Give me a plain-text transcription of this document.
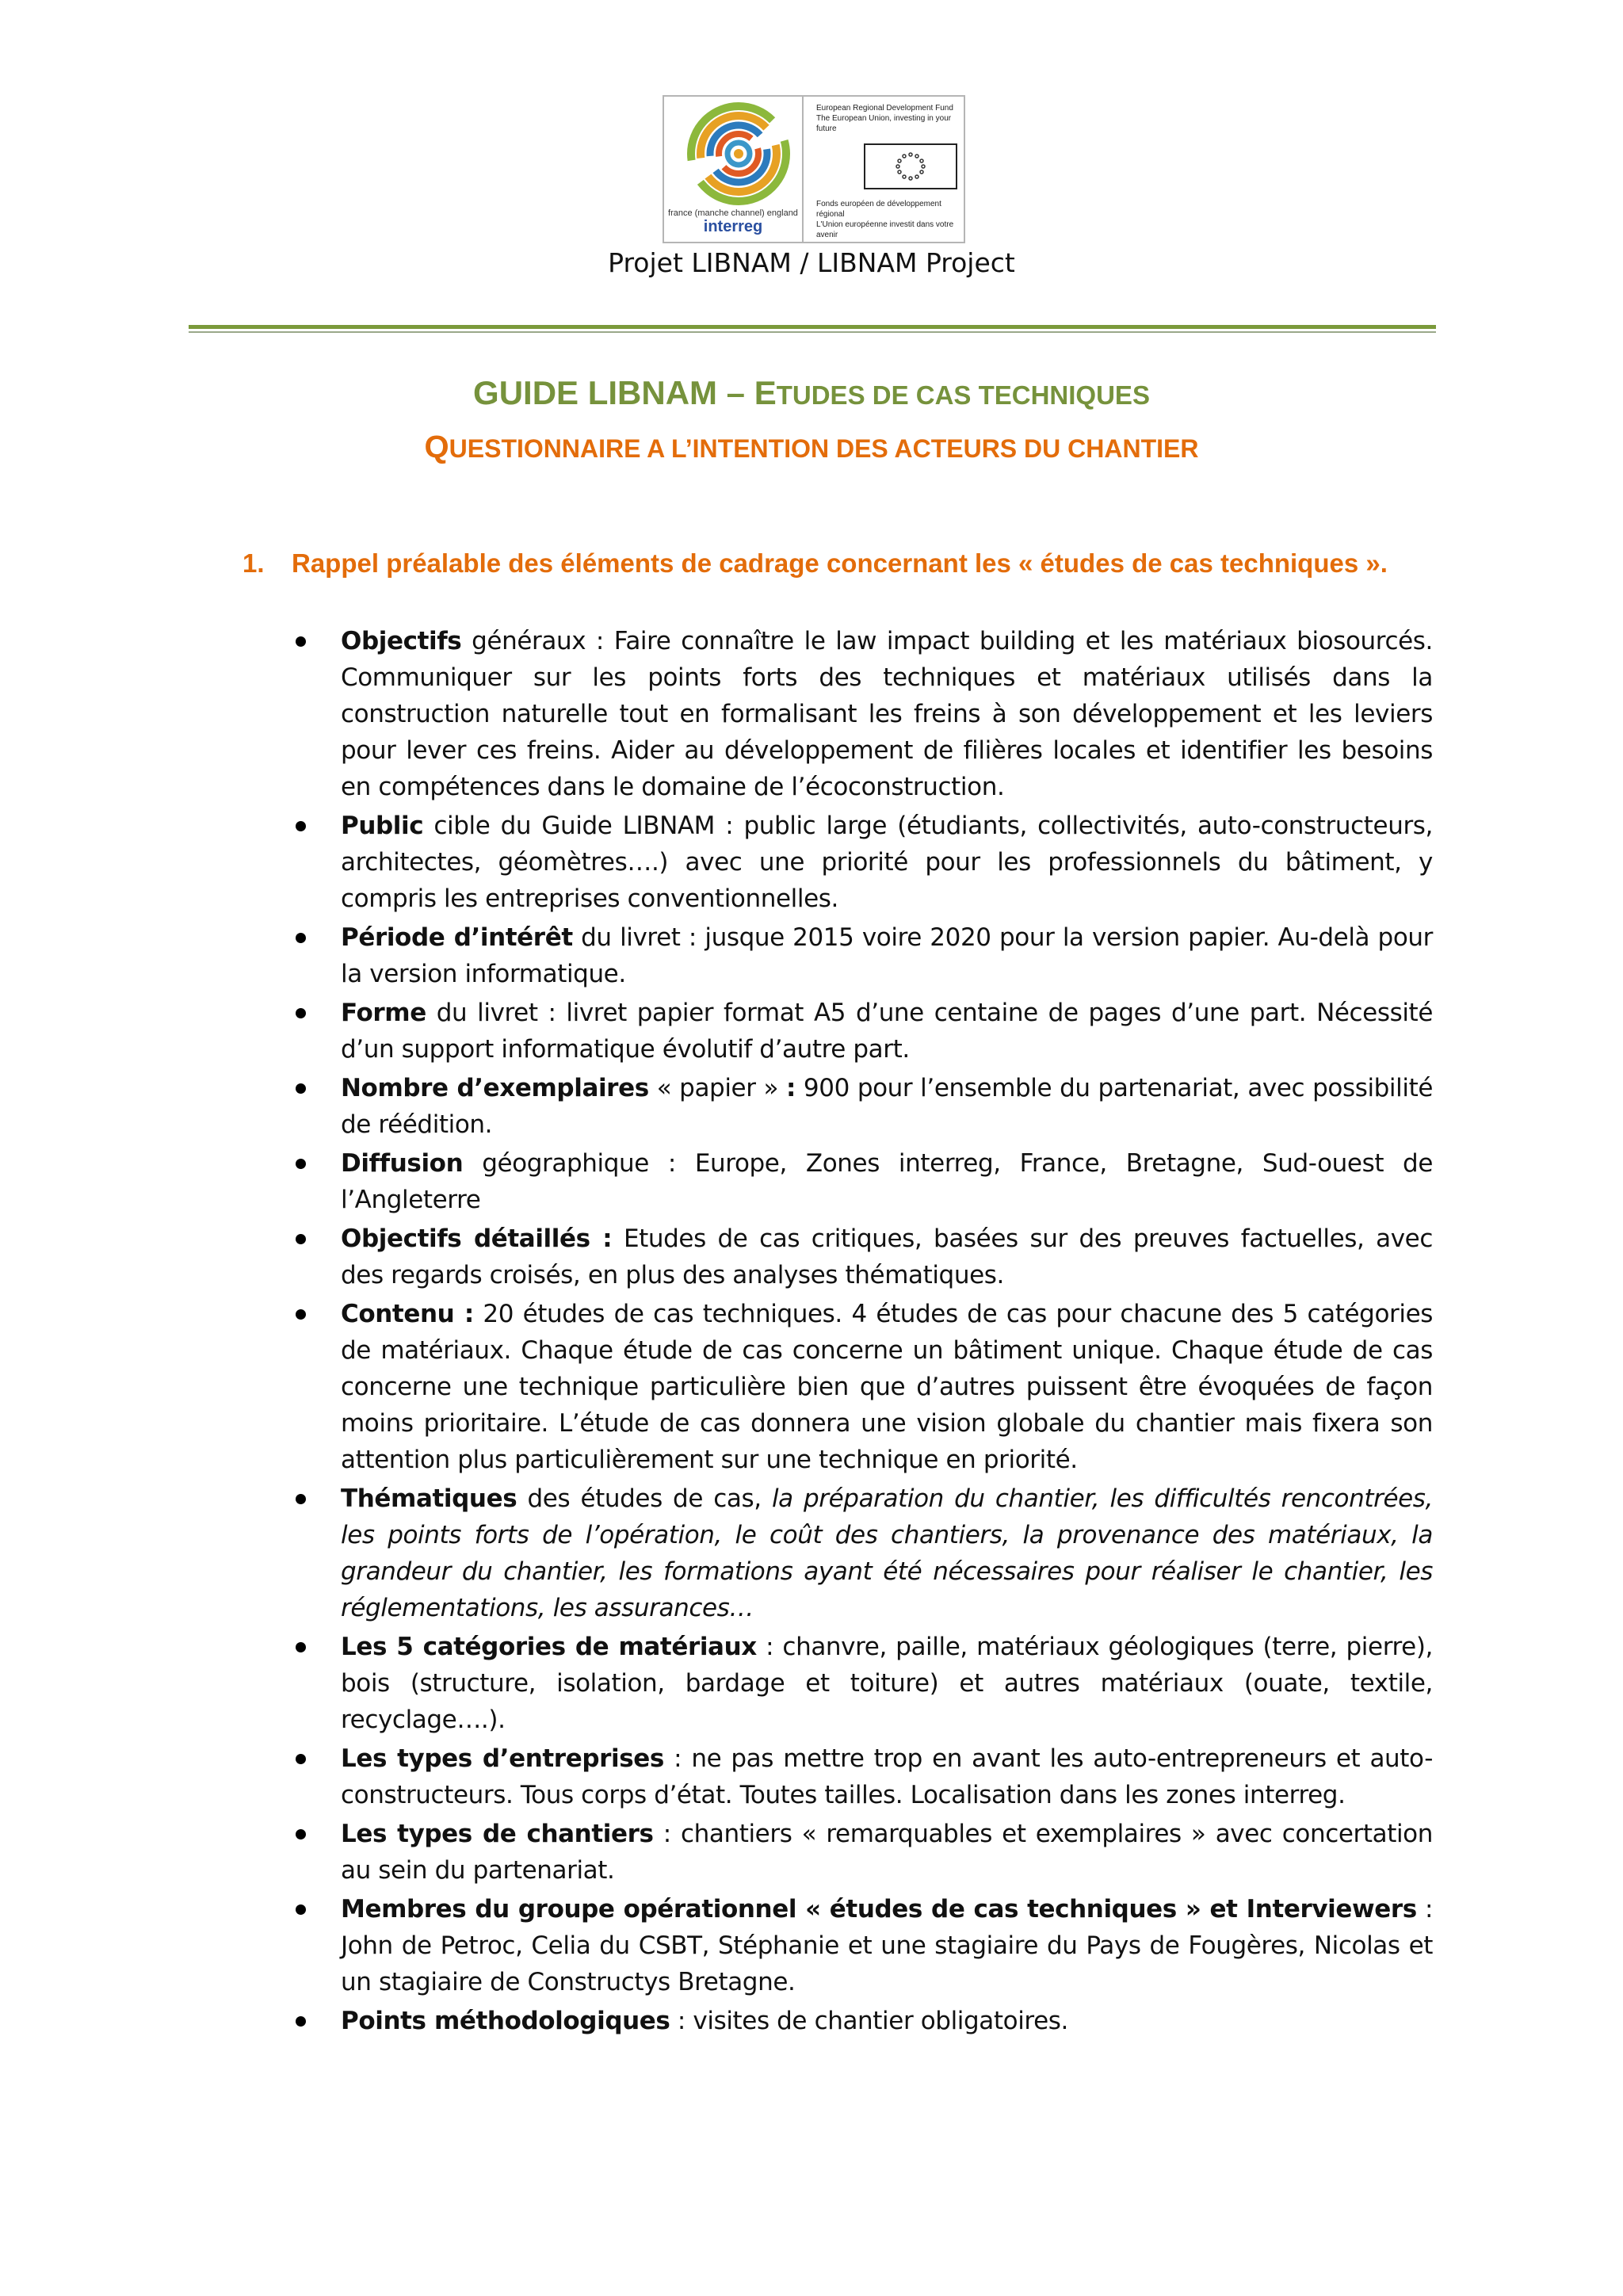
france (manche channel) england
interreg
European Regional Development Fund
The European Union, investing in your future
Fonds européen de développement régional
L'Union européenne investit dans votre avenir
Projet LIBNAM / LIBNAM Project
GUIDE LIBNAM – ETUDES DE CAS TECHNIQUES
QUESTIONNAIRE A L’INTENTION DES ACTEURS DU CHANTIER
1. Rappel préalable des éléments de cadrage concernant les « études de cas techniques ».
Objectifs généraux : Faire connaître le law impact building et les matériaux biosourcés. Communiquer sur les points forts des techniques et matériaux utilisés dans la construction naturelle tout en formalisant les freins à son développement et les leviers pour lever ces freins. Aider au développement de filières locales et identifier les besoins en compétences dans le domaine de l’écoconstruction.
Public cible du Guide LIBNAM : public large (étudiants, collectivités, auto-constructeurs, architectes, géomètres….) avec une priorité pour les professionnels du bâtiment, y compris les entreprises conventionnelles.
Période d’intérêt du livret : jusque 2015 voire 2020 pour la version papier. Au-delà pour la version informatique.
Forme du livret : livret papier format A5 d’une centaine de pages d’une part. Nécessité d’un support informatique évolutif d’autre part.
Nombre d’exemplaires « papier » : 900 pour l’ensemble du partenariat, avec possibilité de réédition.
Diffusion géographique : Europe, Zones interreg, France, Bretagne, Sud-ouest de l’Angleterre
Objectifs détaillés : Etudes de cas critiques, basées sur des preuves factuelles, avec des regards croisés, en plus des analyses thématiques.
Contenu : 20 études de cas techniques. 4 études de cas pour chacune des 5 catégories de matériaux. Chaque étude de cas concerne un bâtiment unique. Chaque étude de cas concerne une technique particulière bien que d’autres puissent être évoquées de façon moins prioritaire. L’étude de cas donnera une vision globale du chantier mais fixera son attention plus particulièrement sur une technique en priorité.
Thématiques des études de cas, la préparation du chantier, les difficultés rencontrées, les points forts de l’opération, le coût des chantiers, la provenance des matériaux, la grandeur du chantier, les formations ayant été nécessaires pour réaliser le chantier, les réglementations, les assurances…
Les 5 catégories de matériaux : chanvre, paille, matériaux géologiques (terre, pierre), bois (structure, isolation, bardage et toiture) et autres matériaux (ouate, textile, recyclage….).
Les types d’entreprises : ne pas mettre trop en avant les auto-entrepreneurs et auto-constructeurs. Tous corps d’état. Toutes tailles. Localisation dans les zones interreg.
Les types de chantiers : chantiers « remarquables et exemplaires » avec concertation au sein du partenariat.
Membres du groupe opérationnel « études de cas techniques » et Interviewers : John de Petroc, Celia du CSBT, Stéphanie et une stagiaire du Pays de Fougères, Nicolas et un stagiaire de Constructys Bretagne.
Points méthodologiques : visites de chantier obligatoires.
